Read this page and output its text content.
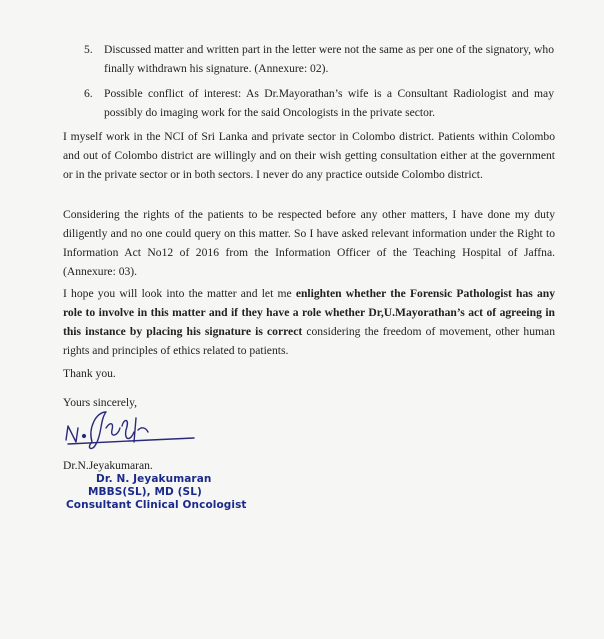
5. Discussed matter and written part in the letter were not the same as per one of the signatory, who finally withdrawn his signature. (Annexure: 02).
6. Possible conflict of interest: As Dr.Mayorathan’s wife is a Consultant Radiologist and may possibly do imaging work for the said Oncologists in the private sector.
I myself work in the NCI of Sri Lanka and private sector in Colombo district. Patients within Colombo and out of Colombo district are willingly and on their wish getting consultation either at the government or in the private sector or in both sectors. I never do any practice outside Colombo district.
Considering the rights of the patients to be respected before any other matters, I have done my duty diligently and no one could query on this matter. So I have asked relevant information under the Right to Information Act No12 of 2016 from the Information Officer of the Teaching Hospital of Jaffna. (Annexure: 03).
I hope you will look into the matter and let me enlighten whether the Forensic Pathologist has any role to involve in this matter and if they have a role whether Dr,U.Mayorathan’s act of agreeing in this instance by placing his signature is correct considering the freedom of movement, other human rights and principles of ethics related to patients.
Thank you.
Yours sincerely,
Dr.N.Jeyakumaran.
Dr. N. Jeyakumaran
MBBS(SL), MD (SL)
Consultant Clinical Oncologist
